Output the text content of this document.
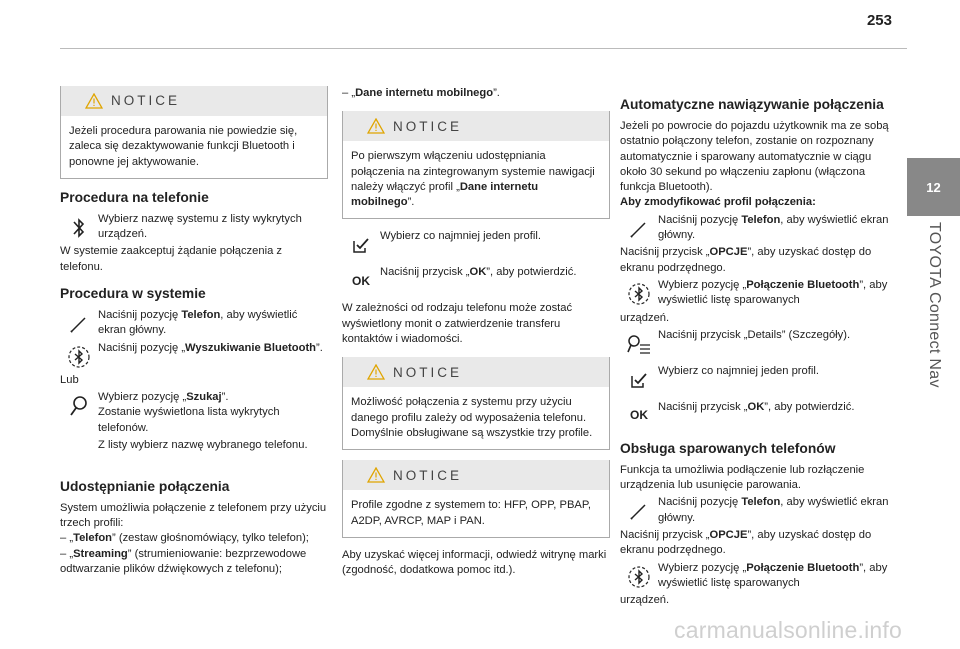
253
12
TOYOTA Connect Nav
NOTICE

Jeżeli procedura parowania nie powiedzie się, zaleca się dezaktywowanie funkcji Bluetooth i ponowne jej aktywowanie.

Procedura na telefonie
Wybierz nazwę systemu z listy wykrytych urządzeń.

W systemie zaakceptuj żądanie połączenia z telefonu.

Procedura w systemie
Naciśnij pozycję Telefon, aby wyświetlić ekran główny.
Naciśnij pozycję „Wyszukiwanie Bluetooth”.

Lub

Wybierz pozycję „Szukaj”.
Zostanie wyświetlona lista wykrytych telefonów.
Z listy wybierz nazwę wybranego telefonu.
Udostępnianie połączenia

System umożliwia połączenie z telefonem przy użyciu trzech profili:

– „Telefon” (zestaw głośnomówiący, tylko telefon);

– „Streaming” (strumieniowanie: bezprzewodowe odtwarzanie plików dźwiękowych z telefonu);

– „Dane internetu mobilnego”.

NOTICE

Po pierwszym włączeniu udostępniania połączenia na zintegrowanym systemie nawigacji należy włączyć profil „Dane internetu mobilnego”.

Wybierz co najmniej jeden profil.
OK
Naciśnij przycisk „OK”, aby potwierdzić.

W zależności od rodzaju telefonu może zostać wyświetlony monit o zatwierdzenie transferu kontaktów i wiadomości.

NOTICE

Możliwość połączenia z systemu przy użyciu danego profilu zależy od wyposażenia telefonu.

Domyślnie obsługiwane są wszystkie trzy profile.

NOTICE

Profile zgodne z systemem to: HFP, OPP, PBAP, A2DP, AVRCP, MAP i PAN.

Aby uzyskać więcej informacji, odwiedź witrynę marki (zgodność, dodatkowa pomoc itd.).

Automatyczne nawiązywanie połączenia

Jeżeli po powrocie do pojazdu użytkownik ma ze sobą ostatnio połączony telefon, zostanie on rozpoznany automatycznie i sparowany automatycznie w ciągu około 30 sekund po włączeniu zapłonu (włączona funkcja Bluetooth).

Aby zmodyfikować profil połączenia:

Naciśnij pozycję Telefon, aby wyświetlić ekran główny.

Naciśnij przycisk „OPCJE”, aby uzyskać dostęp do ekranu podrzędnego.

Wybierz pozycję „Połączenie Bluetooth”, aby wyświetlić listę sparowanych

urządzeń.

Naciśnij przycisk „Details” (Szczegóły).
Wybierz co najmniej jeden profil.
OK
Naciśnij przycisk „OK”, aby potwierdzić.
Obsługa sparowanych telefonów

Funkcja ta umożliwia podłączenie lub rozłączenie urządzenia lub usunięcie parowania.

Naciśnij pozycję Telefon, aby wyświetlić ekran główny.

Naciśnij przycisk „OPCJE”, aby uzyskać dostęp do ekranu podrzędnego.

Wybierz pozycję „Połączenie Bluetooth”, aby wyświetlić listę sparowanych

urządzeń.

carmanualsonline.info
